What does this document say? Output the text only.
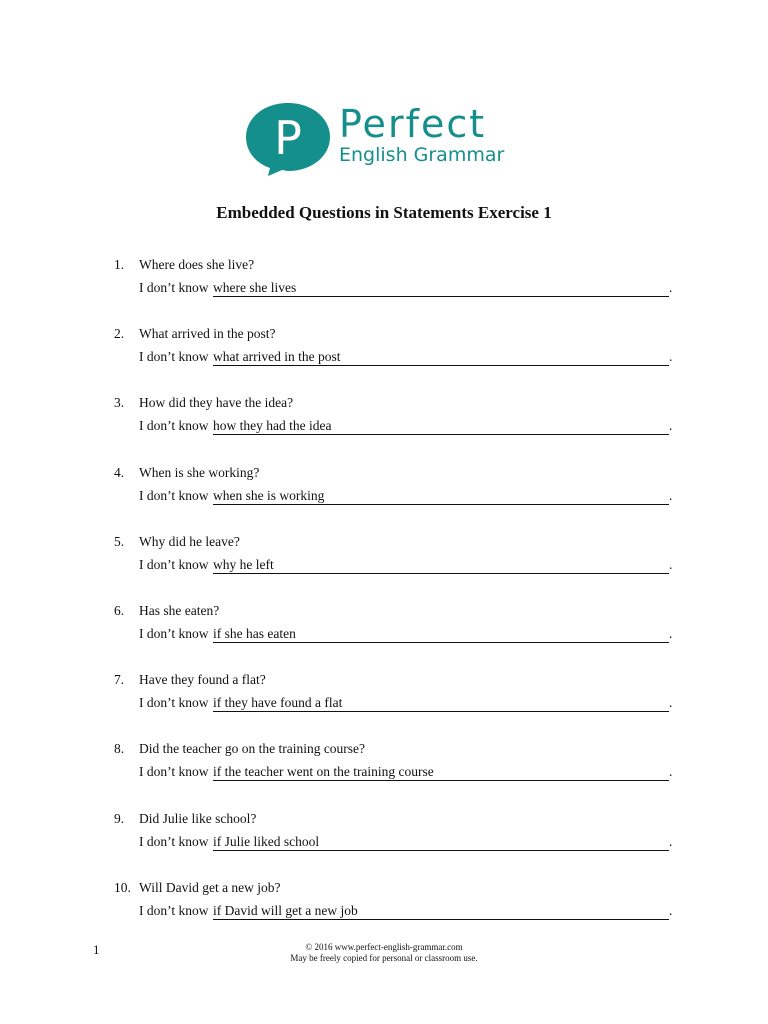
P Perfect
English Grammar
Embedded Questions in Statements Exercise 1
1. Where does she live?
I don’t know where she lives	.
2. What arrived in the post?
I don’t know what arrived in the post	.
3. How did they have the idea?
I don’t know how they had the idea	.
4. When is she working?
I don’t know when she is working	.
5. Why did he leave?
I don’t know why he left	.
6. Has she eaten?
I don’t know if she has eaten	.
7. Have they found a flat?
I don’t know if they have found a flat	.
8. Did the teacher go on the training course?
I don’t know if the teacher went on the training course	.
9. Did Julie like school?
I don’t know if Julie liked school	.
10. Will David get a new job?
I don’t know if David will get a new job	.
1	© 2016 www.perfect-english-grammar.com
May be freely copied for personal or classroom use.
